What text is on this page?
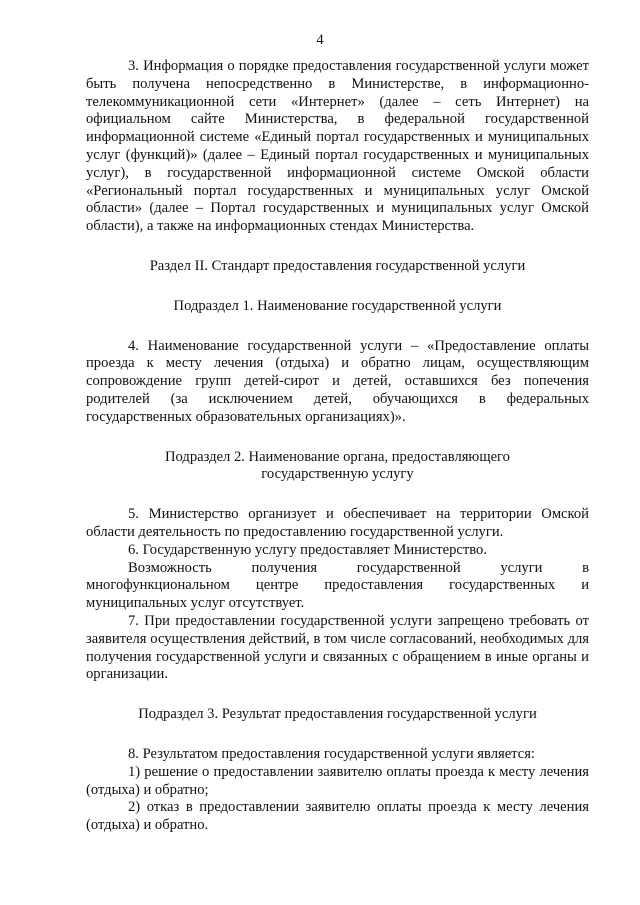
4

3. Информация о порядке предоставления государственной услуги может быть получена непосредственно в Министерстве, в информационно-телекоммуникационной сети «Интернет» (далее – сеть Интернет) на официальном сайте Министерства, в федеральной государственной информационной системе «Единый портал государственных и муниципальных услуг (функций)» (далее – Единый портал государственных и муниципальных услуг), в государственной информационной системе Омской области «Региональный портал государственных и муниципальных услуг Омской области» (далее – Портал государственных и муниципальных услуг Омской области), а также на информационных стендах Министерства.

Раздел II. Стандарт предоставления государственной услуги

Подраздел 1. Наименование государственной услуги

4. Наименование государственной услуги – «Предоставление оплаты проезда к месту лечения (отдыха) и обратно лицам, осуществляющим сопровождение групп детей-сирот и детей, оставшихся без попечения родителей (за исключением детей, обучающихся в федеральных государственных образовательных организациях)».

Подраздел 2. Наименование органа, предоставляющего

государственную услугу

5. Министерство организует и обеспечивает на территории Омской области деятельность по предоставлению государственной услуги.

6. Государственную услугу предоставляет Министерство.

Возможность получения государственной услуги в многофункциональном центре предоставления государственных и муниципальных услуг отсутствует.

7. При предоставлении государственной услуги запрещено требовать от заявителя осуществления действий, в том числе согласований, необходимых для получения государственной услуги и связанных с обращением в иные органы и организации.

Подраздел 3. Результат предоставления государственной услуги

8. Результатом предоставления государственной услуги является:

1) решение о предоставлении заявителю оплаты проезда к месту лечения (отдыха) и обратно;

2) отказ в предоставлении заявителю оплаты проезда к месту лечения (отдыха) и обратно.
